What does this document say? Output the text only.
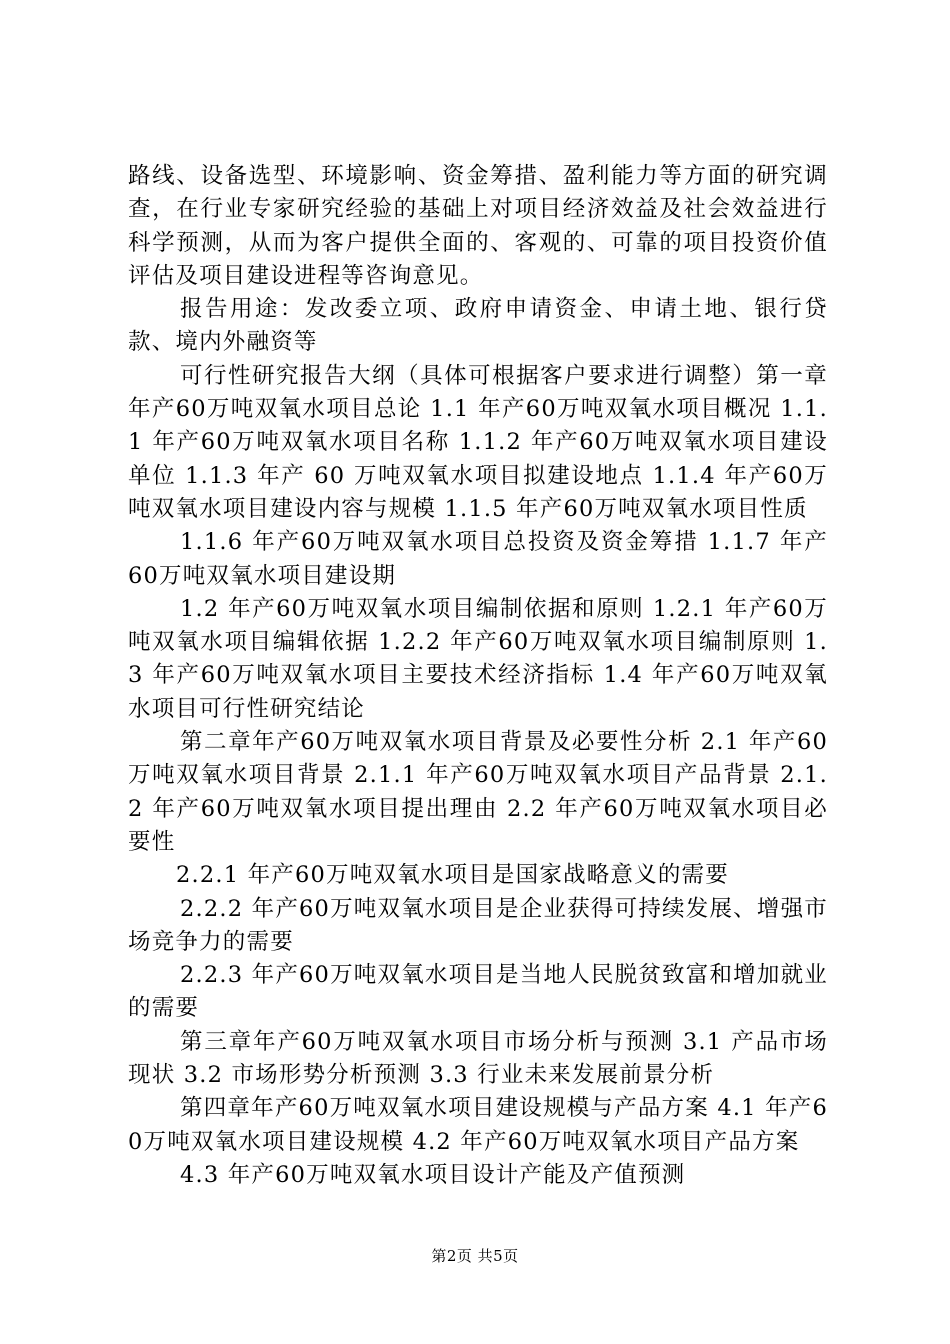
路线、设备选型、环境影响、资金筹措、盈利能力等方面的研究调查，在行业专家研究经验的基础上对项目经济效益及社会效益进行科学预测，从而为客户提供全面的、客观的、可靠的项目投资价值评估及项目建设进程等咨询意见。

报告用途：发改委立项、政府申请资金、申请土地、银行贷款、境内外融资等

可行性研究报告大纲（具体可根据客户要求进行调整）第一章年产60万吨双氧水项目总论 1.1 年产60万吨双氧水项目概况 1.1.1 年产60万吨双氧水项目名称 1.1.2 年产60万吨双氧水项目建设单位 1.1.3 年产 60 万吨双氧水项目拟建设地点 1.1.4 年产60万吨双氧水项目建设内容与规模 1.1.5 年产60万吨双氧水项目性质

1.1.6 年产60万吨双氧水项目总投资及资金筹措 1.1.7 年产60万吨双氧水项目建设期

1.2 年产60万吨双氧水项目编制依据和原则 1.2.1 年产60万吨双氧水项目编辑依据 1.2.2 年产60万吨双氧水项目编制原则 1.3 年产60万吨双氧水项目主要技术经济指标 1.4 年产60万吨双氧水项目可行性研究结论

第二章年产60万吨双氧水项目背景及必要性分析 2.1 年产60万吨双氧水项目背景 2.1.1 年产60万吨双氧水项目产品背景 2.1.2 年产60万吨双氧水项目提出理由 2.2 年产60万吨双氧水项目必要性

2.2.1 年产60万吨双氧水项目是国家战略意义的需要

2.2.2 年产60万吨双氧水项目是企业获得可持续发展、增强市场竞争力的需要

2.2.3 年产60万吨双氧水项目是当地人民脱贫致富和增加就业的需要

第三章年产60万吨双氧水项目市场分析与预测 3.1 产品市场现状 3.2 市场形势分析预测 3.3 行业未来发展前景分析

第四章年产60万吨双氧水项目建设规模与产品方案 4.1 年产60万吨双氧水项目建设规模 4.2 年产60万吨双氧水项目产品方案

4.3 年产60万吨双氧水项目设计产能及产值预测

第2页 共5页
